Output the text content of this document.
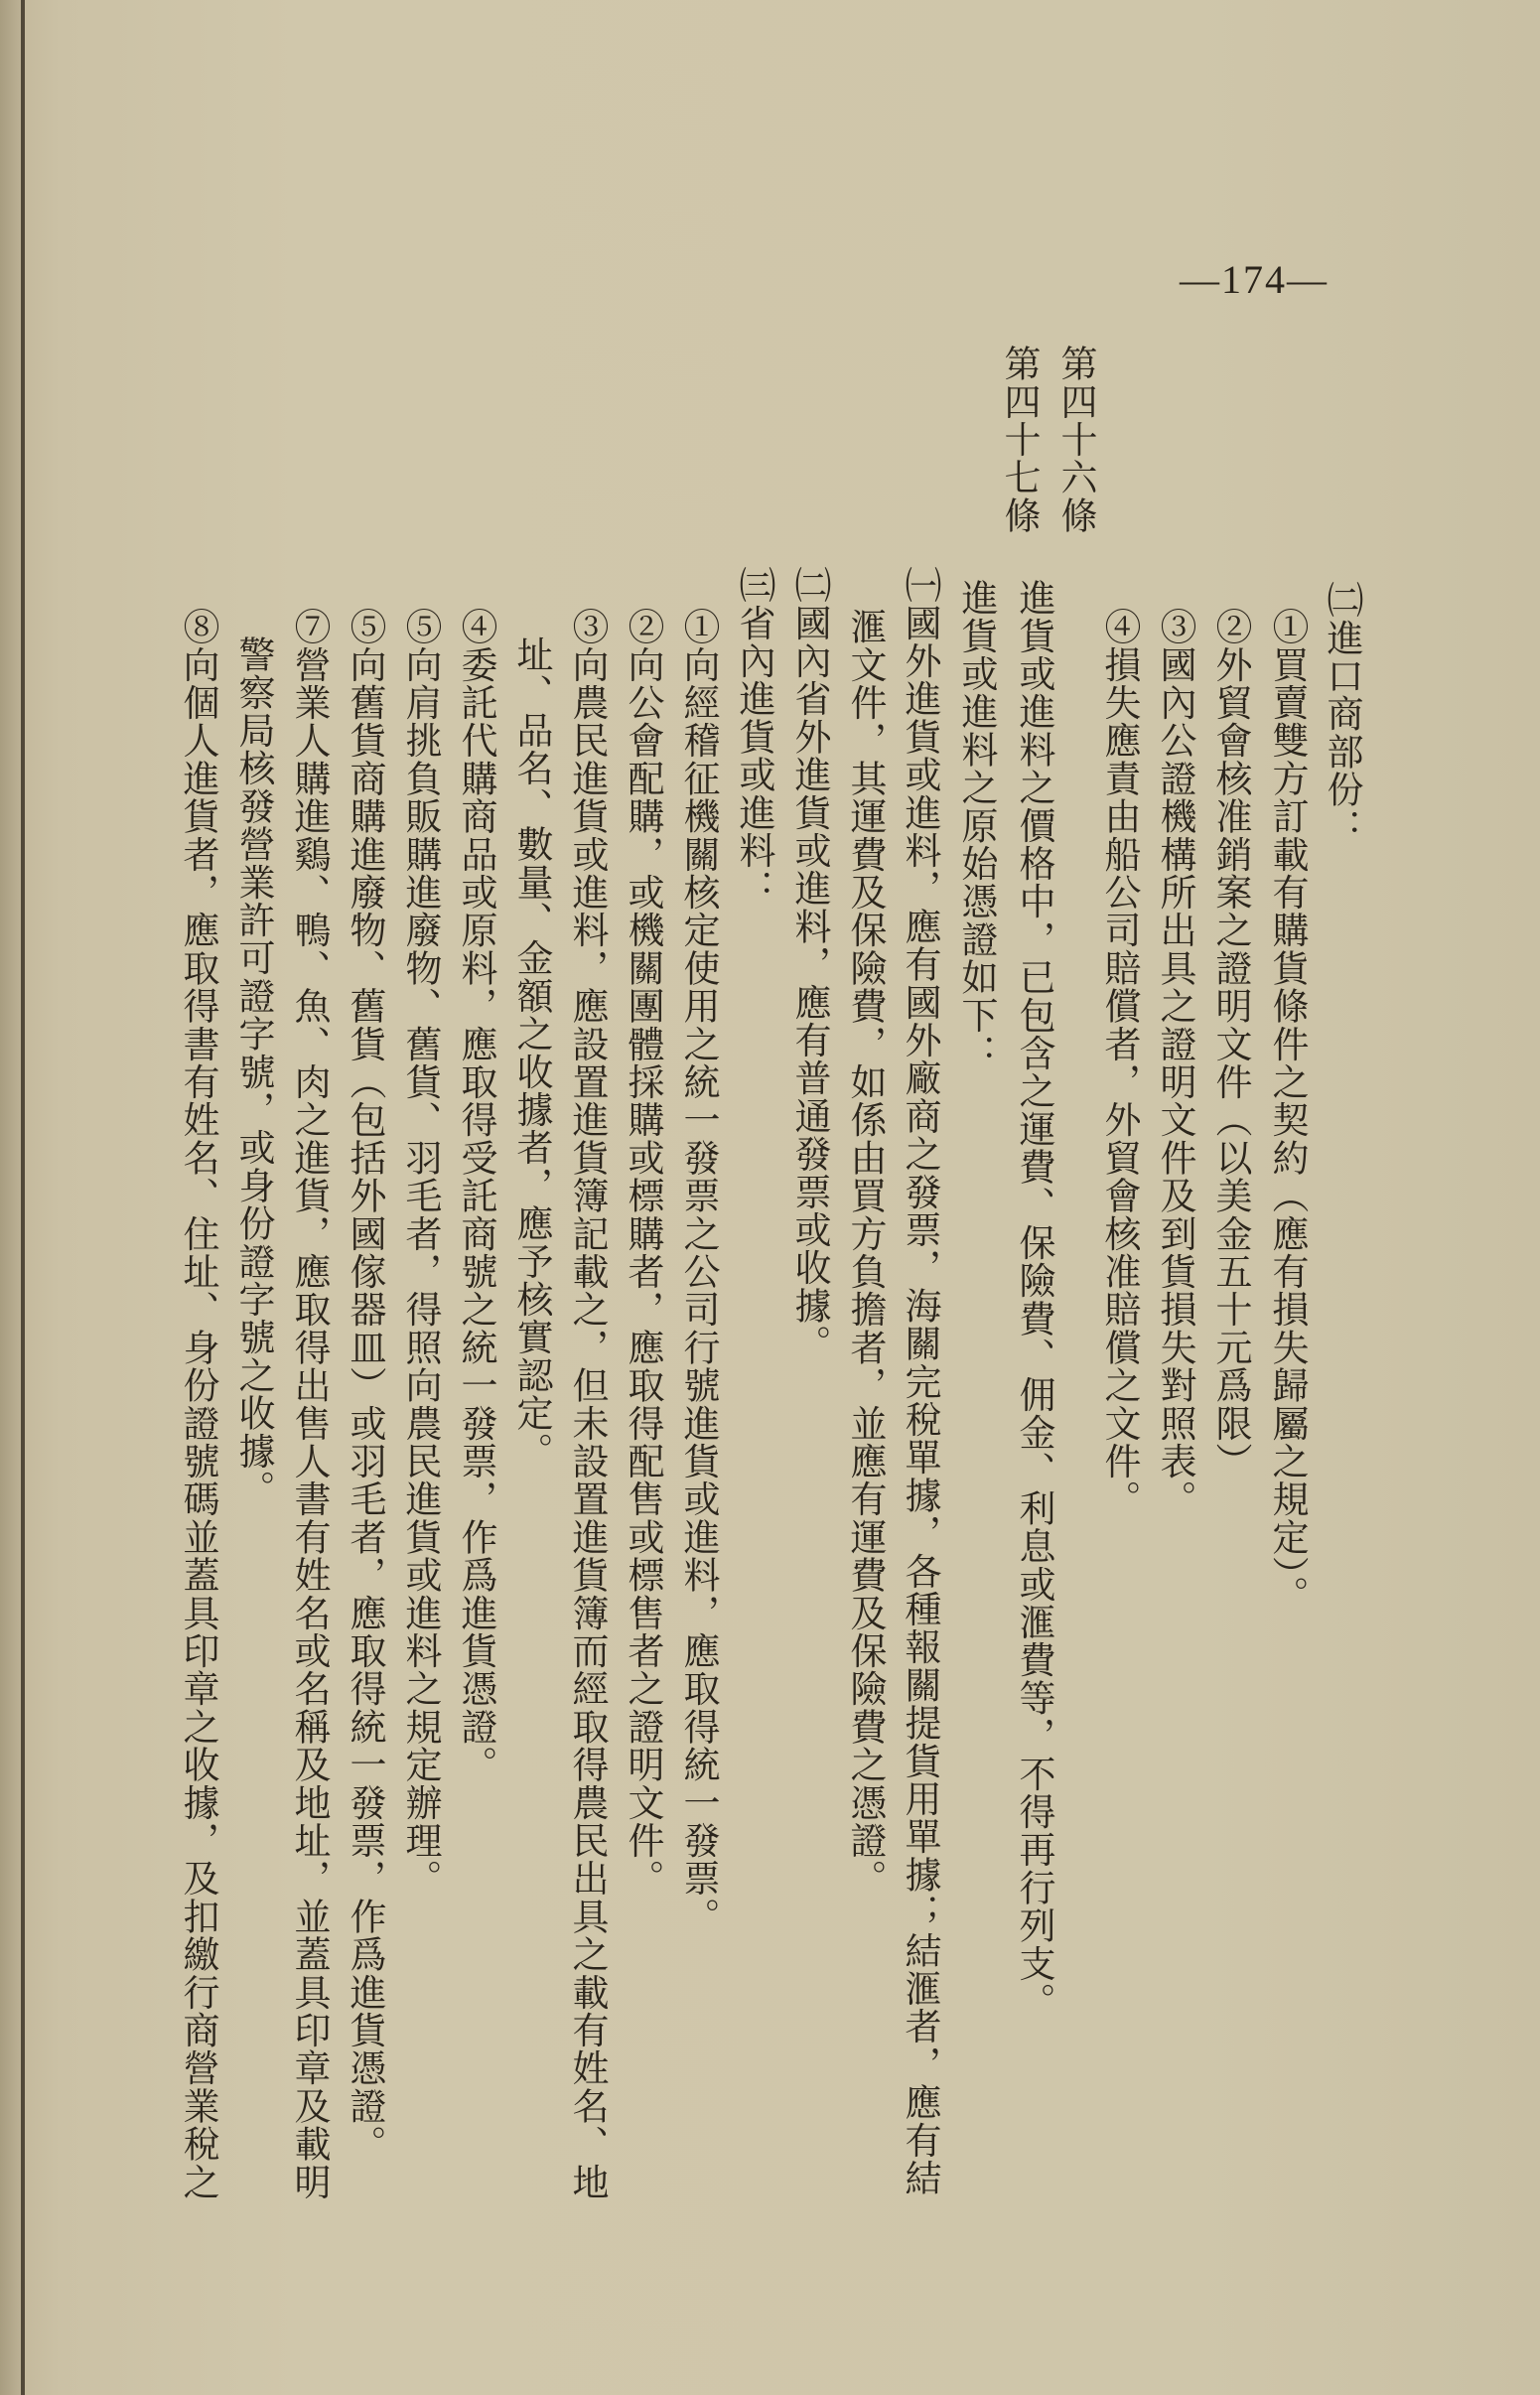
—174—
㈡進口商部份：
①買賣雙方訂載有購貨條件之契約（應有損失歸屬之規定）。
②外貿會核准銷案之證明文件（以美金五十元爲限）
③國內公證機構所出具之證明文件及到貨損失對照表。
④損失應責由船公司賠償者，外貿會核准賠償之文件。
第四十六條
進貨或進料之價格中，已包含之運費、保險費、佣金、利息或滙費等，不得再行列支。
第四十七條
進貨或進料之原始憑證如下：
㈠國外進貨或進料，應有國外廠商之發票，海關完稅單據，各種報關提貨用單據；結滙者，應有結
滙文件，其運費及保險費，如係由買方負擔者，並應有運費及保險費之憑證。
㈡國內省外進貨或進料，應有普通發票或收據。
㈢省內進貨或進料：
①向經稽征機關核定使用之統一發票之公司行號進貨或進料，應取得統一發票。
②向公會配購，或機關團體採購或標購者，應取得配售或標售者之證明文件。
③向農民進貨或進料，應設置進貨簿記載之，但未設置進貨簿而經取得農民出具之載有姓名、地
址、品名、數量、金額之收據者，應予核實認定。
④委託代購商品或原料，應取得受託商號之統一發票，作爲進貨憑證。
⑤向肩挑負販購進廢物、舊貨、羽毛者，得照向農民進貨或進料之規定辦理。
⑤向舊貨商購進廢物、舊貨（包括外國傢器皿）或羽毛者，應取得統一發票，作爲進貨憑證。
⑦營業人購進鷄、鴨、魚、肉之進貨，應取得出售人書有姓名或名稱及地址，並蓋具印章及載明
警察局核發營業許可證字號，或身份證字號之收據。
⑧向個人進貨者，應取得書有姓名、住址、身份證號碼並蓋具印章之收據，及扣繳行商營業稅之
